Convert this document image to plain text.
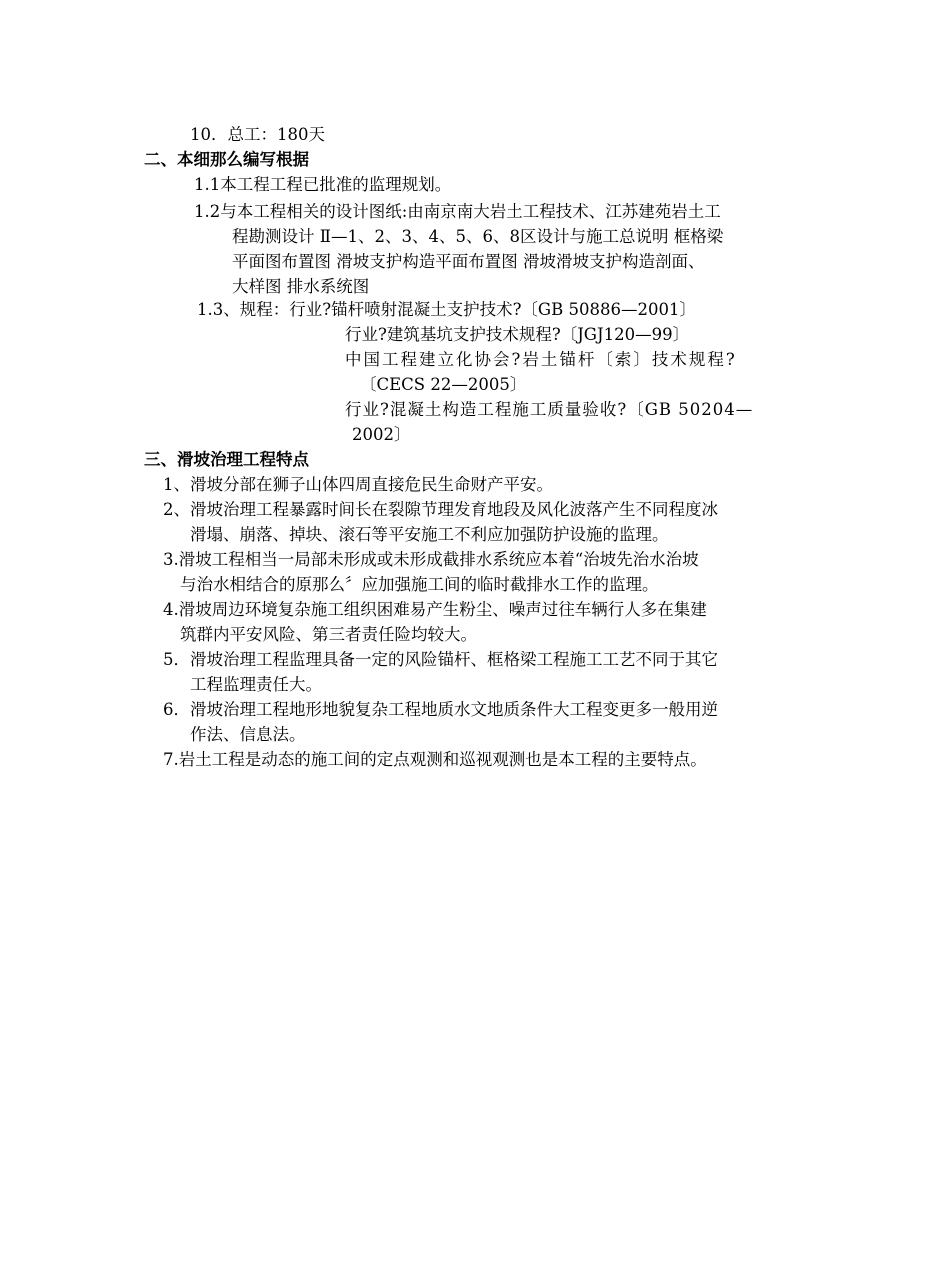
10．总工：180天
二、本细那么编写根据
1.1本工程工程已批准的监理规划。
1.2与本工程相关的设计图纸:由南京南大岩土工程技术、江苏建苑岩土工
程勘测设计 Ⅱ—1、2、3、4、5、6、8区设计与施工总说明 框格梁
平面图布置图 滑坡支护构造平面布置图 滑坡滑坡支护构造剖面、
大样图 排水系统图
1.3、规程：行业?锚杆喷射混凝土支护技术?〔GB 50886—2001〕
行业?建筑基坑支护技术规程?〔JGJ120—99〕
中国工程建立化协会?岩土锚杆〔索〕技术规程?
〔CECS 22—2005〕
行业?混凝土构造工程施工质量验收?〔GB 50204—
2002〕
三、滑坡治理工程特点
1、滑坡分部在狮子山体四周直接危民生命财产平安。
2、滑坡治理工程暴露时间长在裂隙节理发育地段及风化波落产生不同程度冰
滑塌、崩落、掉块、滚石等平安施工不利应加强防护设施的监理。
3.滑坡工程相当一局部未形成或未形成截排水系统应本着“治坡先治水治坡
与治水相结合的原那么〞应加强施工间的临时截排水工作的监理。
4.滑坡周边环境复杂施工组织困难易产生粉尘、噪声过往车辆行人多在集建
筑群内平安风险、第三者责任险均较大。
5．滑坡治理工程监理具备一定的风险锚杆、框格梁工程施工工艺不同于其它
工程监理责任大。
6．滑坡治理工程地形地貌复杂工程地质水文地质条件大工程变更多一般用逆
作法、信息法。
7.岩土工程是动态的施工间的定点观测和巡视观测也是本工程的主要特点。
